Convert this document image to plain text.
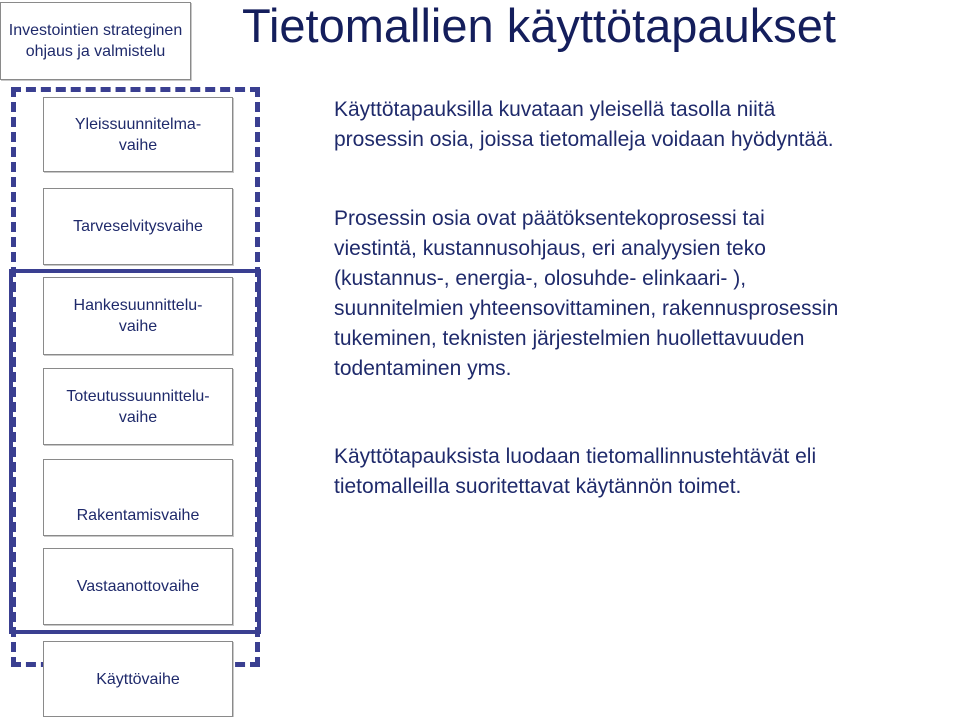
Investointien strateginen ohjaus ja valmistelu
Yleissuunnitelma-
vaihe
Tarveselvitysvaihe
Hankesuunnittelu-
vaihe
Toteutussuunnittelu-
vaihe
Rakentamisvaihe
Vastaanottovaihe
Käyttövaihe
Tietomallien käyttötapaukset

Käyttötapauksilla kuvataan yleisellä tasolla niitä
prosessin osia, joissa tietomalleja voidaan hyödyntää.

Prosessin osia ovat päätöksentekoprosessi tai
viestintä, kustannusohjaus, eri analyysien teko
(kustannus-, energia-, olosuhde- elinkaari- ),
suunnitelmien yhteensovittaminen, rakennusprosessin
tukeminen, teknisten järjestelmien huollettavuuden
todentaminen yms.

Käyttötapauksista luodaan tietomallinnustehtävät eli
tietomalleilla suoritettavat käytännön toimet.
